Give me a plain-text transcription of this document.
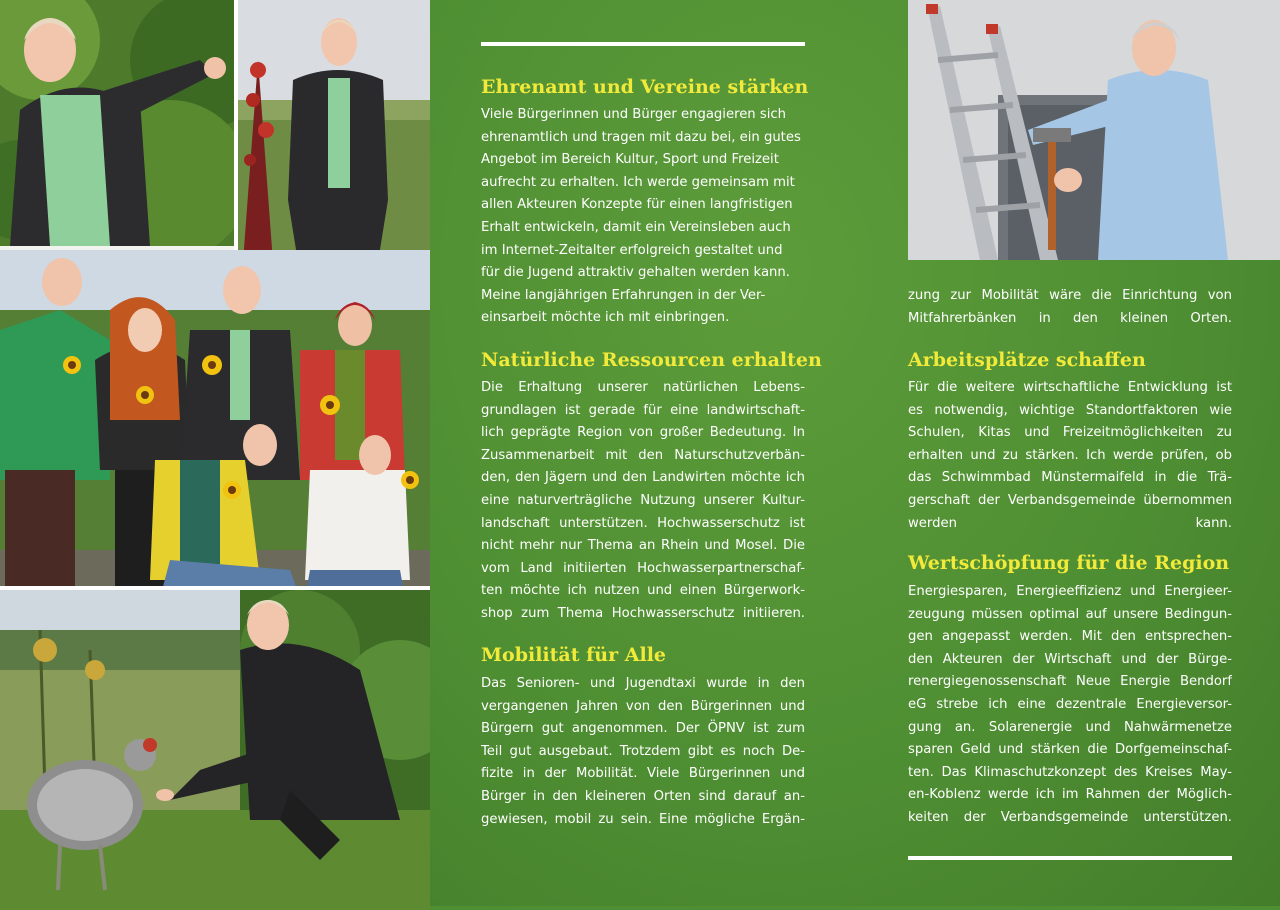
Ehrenamt und Vereine stärken
Viele Bürgerinnen und Bürger engagieren sich
ehrenamtlich und tragen mit dazu bei, ein gutes
Angebot im Bereich Kultur, Sport und Freizeit
aufrecht zu erhalten. Ich werde gemeinsam mit
allen Akteuren Konzepte für einen langfristigen
Erhalt entwickeln, damit ein Vereinsleben auch
im Internet-Zeitalter erfolgreich gestaltet und
für die Jugend attraktiv gehalten werden kann.
Meine langjährigen Erfahrungen in der Ver-
einsarbeit möchte ich mit einbringen.
Natürliche Ressourcen erhalten
Die Erhaltung unserer natürlichen Lebens-
grundlagen ist gerade für eine landwirtschaft-
lich geprägte Region von großer Bedeutung. In
Zusammenarbeit mit den Naturschutzverbän-
den, den Jägern und den Landwirten möchte ich
eine naturverträgliche Nutzung unserer Kultur-
landschaft unterstützen. Hochwasserschutz ist
nicht mehr nur Thema an Rhein und Mosel. Die
vom Land initiierten Hochwasserpartnerschaf-
ten möchte ich nutzen und einen Bürgerwork-
shop zum Thema Hochwasserschutz initiieren.
Mobilität für Alle
Das Senioren- und Jugendtaxi wurde in den
vergangenen Jahren von den Bürgerinnen und
Bürgern gut angenommen. Der ÖPNV ist zum
Teil gut ausgebaut. Trotzdem gibt es noch De-
fizite in der Mobilität. Viele Bürgerinnen und
Bürger in den kleineren Orten sind darauf an-
gewiesen, mobil zu sein. Eine mögliche Ergän-
zung zur Mobilität wäre die Einrichtung von
Mitfahrerbänken in den kleinen Orten.
Arbeitsplätze schaffen
Für die weitere wirtschaftliche Entwicklung ist
es notwendig, wichtige Standortfaktoren wie
Schulen, Kitas und Freizeitmöglichkeiten zu
erhalten und zu stärken. Ich werde prüfen, ob
das Schwimmbad Münstermaifeld in die Trä-
gerschaft der Verbandsgemeinde übernommen
werden kann.
Wertschöpfung für die Region
Energiesparen, Energieeffizienz und Energieer-
zeugung müssen optimal auf unsere Bedingun-
gen angepasst werden. Mit den entsprechen-
den Akteuren der Wirtschaft und der Bürge-
renergiegenossenschaft Neue Energie Bendorf
eG strebe ich eine dezentrale Energieversor-
gung an. Solarenergie und Nahwärmenetze
sparen Geld und stärken die Dorfgemeinschaf-
ten. Das Klimaschutzkonzept des Kreises May-
en-Koblenz werde ich im Rahmen der Möglich-
keiten der Verbandsgemeinde unterstützen.
